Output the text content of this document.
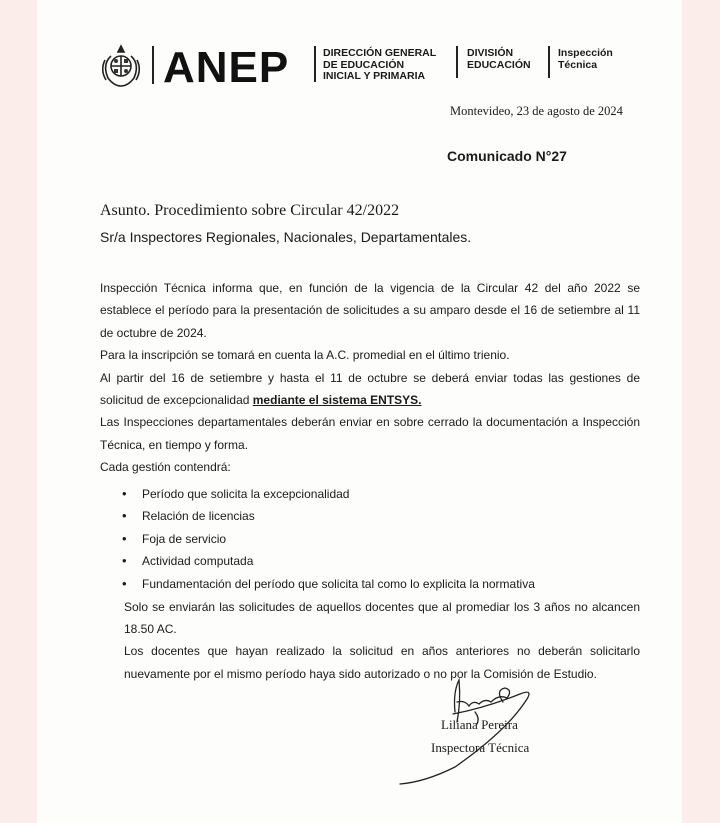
ANEP	DIRECCIÓN GENERAL
DE EDUCACIÓN
INICIAL Y PRIMARIA
DIVISIÓN
EDUCACIÓN
Inspección
Técnica
Montevideo, 23 de agosto de 2024
Comunicado N°27
Asunto. Procedimiento sobre Circular 42/2022
Sr/a Inspectores Regionales, Nacionales, Departamentales.

Inspección Técnica informa que, en función de la vigencia de la Circular 42 del año 2022 se establece el período para la presentación de solicitudes a su amparo desde el 16 de setiembre al 11 de octubre de 2024.

Para la inscripción se tomará en cuenta la A.C. promedial en el último trienio.

Al partir del 16 de setiembre y hasta el 11 de octubre se deberá enviar todas las gestiones de solicitud de excepcionalidad mediante el sistema ENTSYS.

Las Inspecciones departamentales deberán enviar en sobre cerrado la documentación a Inspección Técnica, en tiempo y forma.

Cada gestión contendrá:

• Período que solicita la excepcionalidad
• Relación de licencias
• Foja de servicio
• Actividad computada
• Fundamentación del período que solicita tal como lo explicita la normativa

Solo se enviarán las solicitudes de aquellos docentes que al promediar los 3 años no alcancen 18.50 AC.

Los docentes que hayan realizado la solicitud en años anteriores no deberán solicitarlo nuevamente por el mismo período haya sido autorizado o no por la Comisión de Estudio.

Liliana Pereira
Inspectora Técnica
